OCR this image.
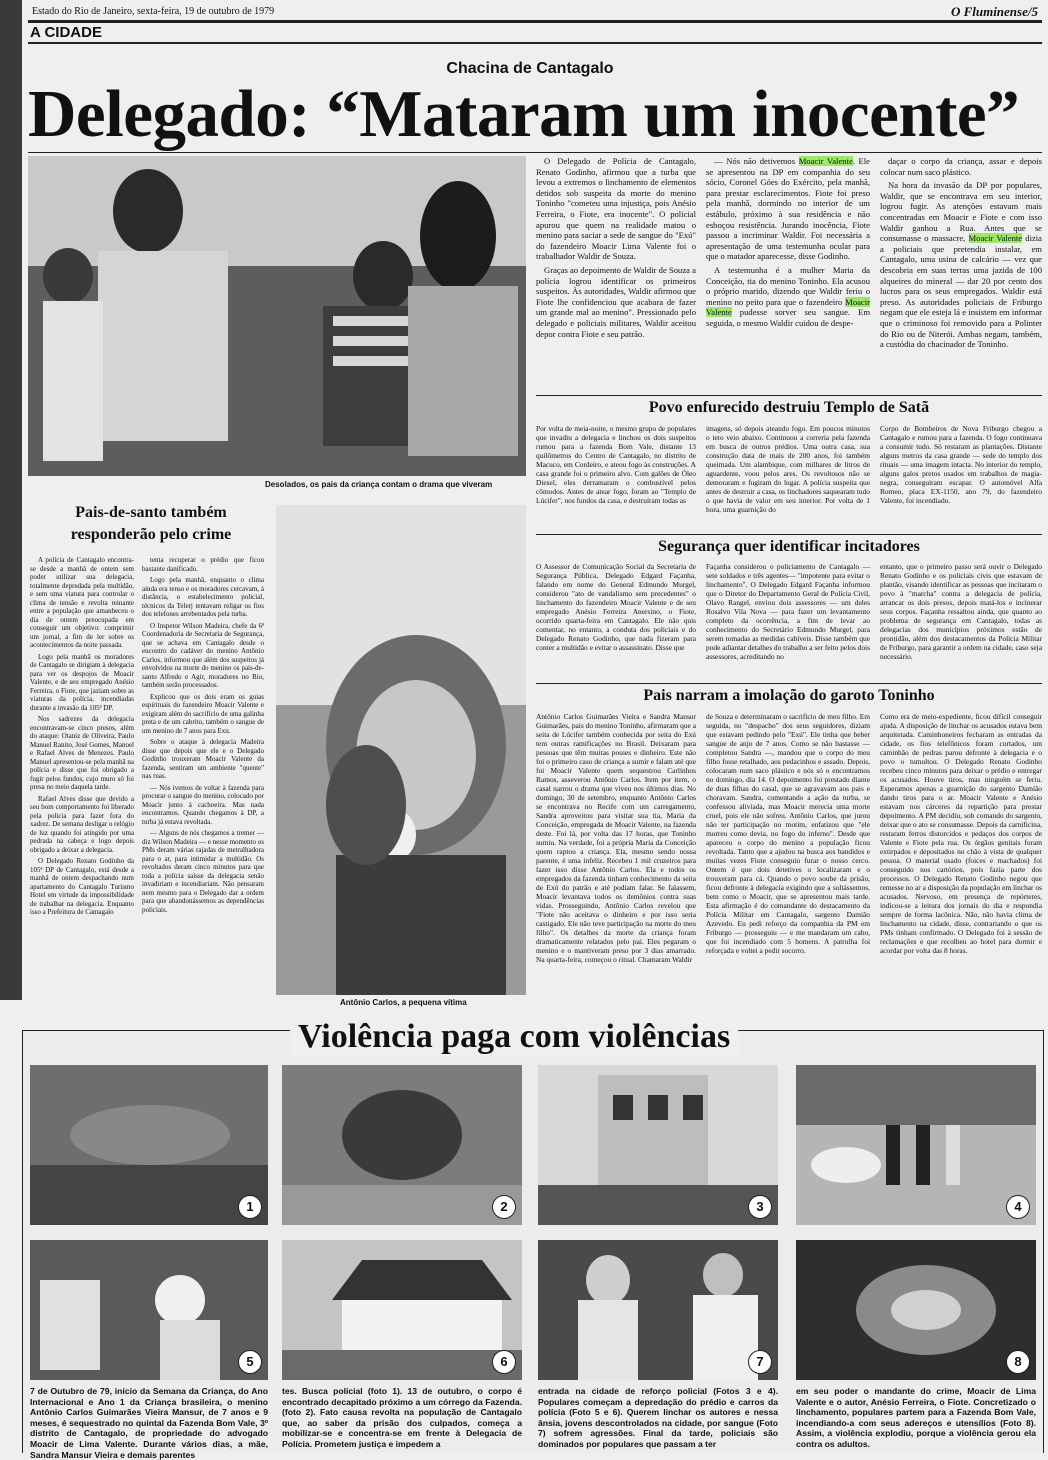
Estado do Rio de Janeiro, sexta-feira, 19 de outubro de 1979	O Fluminense/5
A CIDADE
Chacina de Cantagalo
Delegado: “Mataram um inocente”
Desolados, os pais da criança contam o drama que viveram

O Delegado de Polícia de Cantagalo, Renato Godinho, afirmou que a turba que levou a extremos o linchamento de elementos detidos sob suspeita da morte do menino Toninho "cometeu uma injustiça, pois Anésio Ferreira, o Fiote, era inocente". O policial apurou que quem na realidade matou o menino para saciar a sede de sangue do "Exú" do fazendeiro Moacir Lima Valente foi o trabalhador Waldir de Souza.

Graças ao depoimento de Waldir de Souza a polícia logrou identificar os primeiros suspeitos. Às autoridades, Waldir afirmou que Fiote lhe confidenciou que acabara de fazer um grande mal ao menino". Pressionado pelo delegado e policiais militares, Waldir aceitou depor contra Fiote e seu patrão.

— Nós não detivemos Moacir Valente. Ele se apresentou na DP em companhia do seu sócio, Coronel Góes do Exército, pela manhã, para prestar esclarecimentos. Fiote foi preso pela manhã, dormindo no interior de um estábulo, próximo à sua residência e não esboçou resistência. Jurando inocência, Fiote passou a incriminar Waldir. Foi necessária a apresentação de uma testemunha ocular para que o matador aparecesse, disse Godinho.

A testemunha é a mulher Maria da Conceição, tia do menino Toninho. Ela acusou o próprio marido, dizendo que Waldir feriu o menino no peito para que o fazendeiro Moacir Valente pudesse sorver seu sangue. Em seguida, o mesmo Waldir cuidou de despe-

daçar o corpo da criança, assar e depois colocar num saco plástico.

Na hora da invasão da DP por populares, Waldir, que se encontrava em seu interior, logrou fugir. As atenções estavam mais concentradas em Moacir e Fiote e com isso Waldir ganhou a Rua. Antes que se consumasse o massacre, Moacir Valente dizia a policiais que pretendia instalar, em Cantagalo, uma usina de calcário — vez que descobria em suas terras uma jazida de 100 alqueires do mineral — dar 20 por cento dos lucros para os seus empregados. Waldir está preso. As autoridades policiais de Friburgo negam que ele esteja lá e insistem em informar que o criminoso foi removido para a Polinter do Rio ou de Niterói. Ambas negam, também, a custódia do chacinador de Toninho.

Povo enfurecido destruiu Templo de Satã
Por volta de meia-noite, o mesmo grupo de populares que invadiu a delegacia e linchou os dois suspeitos rumou para a fazenda Bom Vale, distante 13 quilômetros do Centro de Cantagalo, no distrito de Macuco, em Cordeiro, e ateou fogo às construções. A casa grande foi o primeiro alvo. Com galões de Óleo Diesel, eles derramaram o combustível pelos cômodos. Antes de atear fogo, foram ao "Templo de Lúcifer", nos fundos da casa, e destruíram todas as
imagens, só depois ateando fogo. Em poucos minutos o teto veio abaixo. Continuou a correria pela fazenda em busca de outros prédios. Uma outra casa, sua construção data de mais de 200 anos, foi também queimada. Um alambique, com milhares de litros de aguardente, voou pelos ares. Os revoltosos não se demoraram e fugiram do lugar. A polícia suspeita que antes de destruir a casa, os linchadores saquearam tudo o que havia de valor em seu interior. Por volta de 1 hora, uma guarnição do
Corpo de Bombeiros de Nova Friburgo chegou a Cantagalo e rumou para a fazenda. O fogo continuava a consumir tudo. Só restaram as plantações. Distante alguns metros da casa grande — sede do templo dos rituais — uma imagem intacta. No interior do templo, alguns galos pretos usados em trabalhos de magia-negra, conseguiram escapar. O automóvel Alfa Romeo, placa EX-1150, ano 79, do fazendeiro Valente, foi incendiado.
Segurança quer identificar incitadores
O Assessor de Comunicação Social da Secretaria de Segurança Pública, Delegado Edgard Façanha, falando em nome do General Edmundo Murgel, considerou "ato de vandalismo sem precedentes" o linchamento do fazendeiro Moacir Valente e de seu empregado Anésio Ferreira Anersino, o Fiote, ocorrido quarta-feira em Cantagalo. Ele não quis comentar, no entanto, a conduta dos policiais e do Delegado Renato Godinho, que nada fizeram para conter a multidão e evitar o assassinato. Disse que
Façanha considerou o policiamento de Cantagalo — sete soldados e três agentes— "impotente para evitar o linchamento". O Delegado Edgard Façanha informou que o Diretor do Departamento Geral de Polícia Civil, Olavo Rangel, enviou dois assessores — um deles Rosalvo Vila Nova — para fazer um levantamento completo da ocorrência, a fim de levar ao conhecimento do Secretário Edmundo Murgel, para serem tomadas as medidas cabíveis. Disse também que pode adiantar detalhes do trabalho a ser feito pelos dois assessores, acreditando no
entanto, que o primeiro passo será ouvir o Delegado Renato Godinho e os policiais civis que estavam de plantão, visando identificar as pessoas que incitaram o povo à "marcha" contra a delegacia de polícia, arrancar os dois presos, depois matá-los e incinerar seus corpos. Façanha ressaltou ainda, que quanto ao problema de segurança em Cantagalo, todas as delegacias dos municípios próximos estão de prontidão, além dos destacamentos da Polícia Militar de Friburgo, para garantir a ordem na cidade, caso seja necessário.
Pais narram a imolação do garoto Toninho
Antônio Carlos Guimarães Vieira e Sandra Mansur Guimarães, pais do menino Toninho, afirmaram que a seita de Lúcifer também conhecida por seita do Exú tem outras ramificações no Brasil. Deixaram para pessoas que têm muitas posses e dinheiro. Este não foi o primeiro caso de criança a sumir e falam até que foi Moacir Valente quem sequestrou Carlinhos Ramos, asseverou Antônio Carlos. Item por item, o casal narrou o drama que viveu nos últimos dias. No domingo, 30 de setembro, enquanto Antônio Carlos se encontrava no Recife com um carregamento, Sandra aproveitou para visitar sua tia, Maria da Conceição, empregada de Moacir Valente, na fazenda deste. Foi lá, por volta das 17 horas, que Toninho sumiu. Na verdade, foi a própria Maria da Conceição quem raptou a criança. Ela, mesmo sendo nossa parente, é uma infeliz. Recebeu 1 mil cruzeiros para fazer isso disse Antônio Carlos. Ela e todos os empregados da fazenda tinham conhecimento da seita de Exú do patrão e até podiam falar. Se falassem, Moacir levantava todos os demônios contra suas vidas. Prosseguindo, Antônio Carlos revelou que "Fiote não aceitava o dinheiro e por isso seria castigado. Ele não teve participação na morte do meu filho". Os detalhes da morte da criança foram dramaticamente relatados pelo pai. Eles pegaram o menino e o mantiveram preso por 3 dias amarrado. Na quarta-feira, começou o ritual. Chamaram Waldir
de Souza e determinaram o sacrifício de meu filho. Em seguida, no "despacho" dos seus seguidores, diziam que estavam pedindo pelo "Exú". Ele tinha que beber sangue de anjo de 7 anos. Como se não bastasse — completou Sandra —, mandou que o corpo do meu filho fosse retalhado, aos pedacinhos e assado. Depois, colocaram num saco plástico e nós só o encontramos no domingo, dia 14. O depoimento foi prestado diante de duas filhas do casal, que se agravavam aos pais e choravam. Sandra, comentando a ação da turba, se confessou aliviada, mas Moacir merecia uma morte cruel, pois ele não sofreu. Antônio Carlos, que jurou não ter participação no motim, enfatizou que "ele morreu como devia, no fogo do inferno". Desde que apareceu o corpo do menino a população ficou revoltada. Tanto que a ajudou na busca aos bandidos e muitas vezes Fiote conseguiu furar o nosso cerco. Ontem é que dois detetives o localizaram e o trouxeram para cá. Quando o povo soube da prisão, ficou defronte à delegacia exigindo que a soltássemos, bem como o Moacir, que se apresentou mais tarde. Esta afirmação é do comandante do destacamento da Polícia Militar em Cantagalo, sargento Damião Azevedo. Eu pedi reforço da companhia da PM em Friburgo — prosseguiu — e me mandaram um cabo, que foi incendiado com 5 homens. A patrulha foi reforçada e voltei a pedir socorro.
Como era de meio-expediente, ficou difícil conseguir ajuda. A disposição de linchar os acusados estava bem arquitetada. Caminhoneiros fecharam as entradas da cidade, os fios telefônicos foram cortados, um caminhão de pedras parou defronte à delegacia e o povo o tumultou. O Delegado Renato Godinho recebeu cinco minutos para deixar o prédio e entregar os acusados. Houve tiros, mas ninguém se feriu. Esperamos apenas a guarnição do sargento Damião dando tiros para o ar. Moacir Valente e Anésio estavam nos cárceres da repartição para prestar depoimento. A PM decidiu, sob comando do sargento, deixar que o ato se consumasse. Depois da carnificina, restaram ferros distorcidos e pedaços dos corpos de Valente e Fiote pela rua. Os órgãos genitais foram extirpados e depositados no chão à vista de qualquer pessoa. O material usado (foices e machados) foi conseguido nos cartórios, pois fazia parte dos processos. O Delegado Renato Godinho negou que remesse no ar a disposição da população em linchar os acusados. Nervoso, em presença de repórteres, indicou-se a leitura dos jornais do dia e respondia sempre de forma lacônica. Não, não havia clima de linchamento na cidade, disse, contrariando o que os PMs tinham confirmado. O Delegado foi à sessão de reclamações e que recolheu ao hotel para dormir e acordar por volta das 8 horas.
Pais-de-santo também
responderão pelo crime

A polícia de Cantagalo encontra-se desde a manhã de ontem sem poder utilizar sua delegacia, totalmente depredada pela multidão, e sem uma viatura para controlar o clima de tensão e revolta reinante entre a população que amanheceu o dia de ontem preocupada em conseguir um objetivo: comprimir um jornal, a fim de ler sobre os acontecimentos da noite passada.

Logo pela manhã os moradores de Cantagalo se dirigiam à delegacia para ver os despojos de Moacir Valente, e de seu empregado Anésio Ferreira, o Fiote, que jaziam sobre as viaturas da polícia, incendiadas durante a invasão da 105ª DP.

Nos sadrezes da delegacia encontravam-se cinco presos, além do ataque: Otaniz de Oliveira, Paulo Manuel Ranito, José Gomes, Manoel e Rafael Alves de Menezes. Paulo Manuel apresentou-se pela manhã na polícia e disse que foi obrigado a fugir pelos fundos, cujo muro só foi presa no meio daquela tarde.

Rafael Alves disse que devido a seu bom comportamento foi liberado pela policia para fazer fora do xadrez. De semana desligar o relógio de luz quando foi atingido por uma pedrada na cabeça e logo depois obrigado a deixar a delegacia.

O Delegado Renato Godinho da 105ª DP de Cantagalo, está desde a manhã de ontem despachando num apartamento do Cantagalo Turismo Hotel em virtude da impossibilidade de trabalhar na delegacia. Enquanto isso a Prefeitura de Cantagalo

tenta recuperar o prédio que ficou bastante danificado.

Logo pela manhã, enquanto o clima ainda era tenso e os moradores cercavam, à distância, o estabelecimento policial, técnicos da Telerj tentavam religar os fios dos telefones arrebentados pela turba.

O Inspetor Wilson Madeira, chefe da 6ª Coordenadoria de Secretaria de Segurança, que se achava em Cantagalo desde o encontro do cadáver do menino Antônio Carlos, informou que além dos suspeitos já envolvidos na morte do menino os pais-de-santo Alfredo e Agir, moradores no Rio, também serão processados.

Explicou que os dois eram os guias espirituais do fazendeiro Moacir Valente e exigiram além do sacrifício de uma galinha preta e de um cabrito, também o sangue de um menino de 7 anos para Exu.

Sobre o ataque à delegacia Madeira disse que depois que ele e o Delegado Godinho trouxeram Moacir Valente da fazenda, sentiram um ambiente "quente" nas ruas.

— Nós ivemos de voltar à fazenda para procurar o sangue do menino, colocado por Moacir junto à cachoeira. Mas nada encontramos. Quando chegamos à DP, a turba já estava revoltada.

— Alguns de nós chegamos a tremer — diz Wilson Madeira — e nesse momento os PMs deram várias rajadas de metralhadora para o ar, para intimidar a multidão. Os revoltados deram cinco minutos para que toda a polícia saísse da delegacia senão invadiriam e incendiariam. Não pensaram nem mesmo para o Delegado dar a ordem para que abandonássemos as dependências policiais.

Antônio Carlos, a pequena vítima
Violência paga com violências
1	2	3	4
5	6	7	8
7 de Outubro de 79, início da Semana da Criança, do Ano Internacional e Ano 1 da Criança brasileira, o menino Antônio Carlos Guimarães Vieira Mansur, de 7 anos e 9 meses, é sequestrado no quintal da Fazenda Bom Vale, 3º distrito de Cantagalo, de propriedade do advogado Moacir de Lima Valente. Durante vários dias, a mãe, Sandra Mansur Vieira e demais parentes
tes. Busca policial (foto 1). 13 de outubro, o corpo é encontrado decapitado próximo a um córrego da Fazenda. (foto 2). Fato causa revolta na população de Cantagalo que, ao saber da prisão dos culpados, começa a mobilizar-se e concentra-se em frente à Delegacia de Polícia. Prometem justiça e impedem a
entrada na cidade de reforço policial (Fotos 3 e 4). Populares começam a depredação do prédio e carros da polícia (Foto 5 e 6). Querem linchar os autores e nessa ânsia, jovens descontrolados na cidade, por sangue (Foto 7) sofrem agressões. Final da tarde, policiais são dominados por populares que passam a ter
em seu poder o mandante do crime, Moacir de Lima Valente e o autor, Anésio Ferreira, o Fiote. Concretizado o linchamento, populares partem para a Fazenda Bom Vale, incendiando-a com seus adereços e utensílios (Foto 8). Assim, a violência explodiu, porque a violência gerou ela contra os adultos.
